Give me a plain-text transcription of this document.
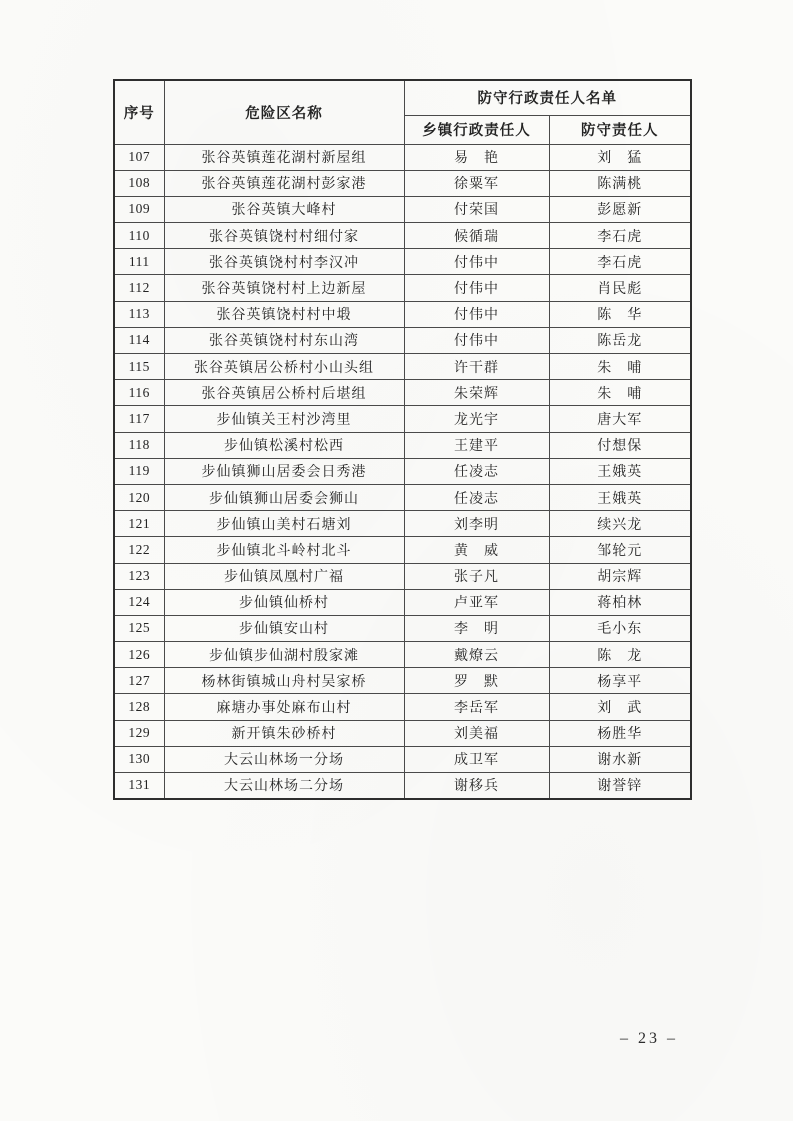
序号	危险区名称	防守行政责任人名单	
		乡镇行政责任人	防守责任人
107	张谷英镇莲花湖村新屋组	易　艳	刘　猛
108	张谷英镇莲花湖村彭家港	徐粟军	陈满桃
109	张谷英镇大峰村	付荣国	彭愿新
110	张谷英镇饶村村细付家	候循瑞	李石虎
111	张谷英镇饶村村李汉冲	付伟中	李石虎
112	张谷英镇饶村村上边新屋	付伟中	肖民彪
113	张谷英镇饶村村中塅	付伟中	陈　华
114	张谷英镇饶村村东山湾	付伟中	陈岳龙
115	张谷英镇居公桥村小山头组	许干群	朱　哺
116	张谷英镇居公桥村后堪组	朱荣辉	朱　哺
117	步仙镇关王村沙湾里	龙光宇	唐大军
118	步仙镇松溪村松西	王建平	付想保
119	步仙镇狮山居委会日秀港	任凌志	王娥英
120	步仙镇狮山居委会狮山	任凌志	王娥英
121	步仙镇山美村石塘刘	刘李明	续兴龙
122	步仙镇北斗岭村北斗	黄　威	邹轮元
123	步仙镇凤凰村广福	张子凡	胡宗辉
124	步仙镇仙桥村	卢亚军	蒋柏林
125	步仙镇安山村	李　明	毛小东
126	步仙镇步仙湖村殷家滩	戴燎云	陈　龙
127	杨林街镇城山舟村吴家桥	罗　默	杨享平
128	麻塘办事处麻布山村	李岳军	刘　武
129	新开镇朱砂桥村	刘美福	杨胜华
130	大云山林场一分场	成卫军	谢水新
131	大云山林场二分场	谢移兵	谢誉锌
– 23 –
